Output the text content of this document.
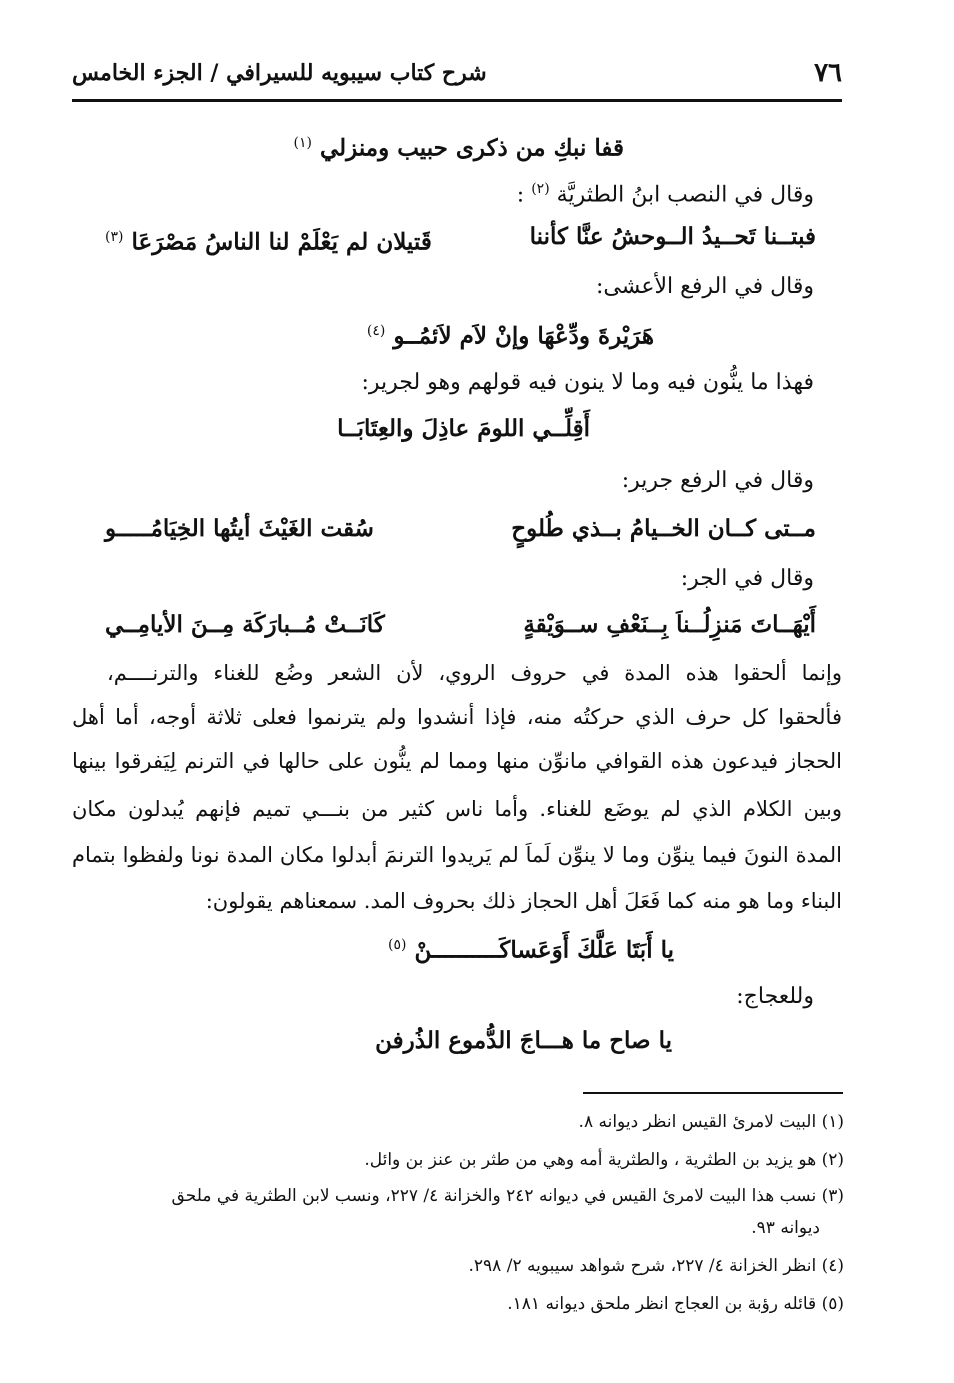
٧٦
شرح كتاب سيبويه للسيرافي / الجزء الخامس
قفا نبكِ من ذكرى حبيب ومنزلي $^{(١)}$
وقال في النصب ابنُ الطثريَّة $^{(٢)}$ :
فبتــنا تَحــيدُ الــوحشُ عنَّا كأننا
قَتيلان لم يَعْلَمْ لنا الناسُ مَصْرَعَا $^{(٣)}$
وقال في الرفع الأعشى:
هَرَيْرةَ ودِّعْهَا وإنْ لاَم لاَئمُــو $^{(٤)}$
فهذا ما ينُّون فيه وما لا ينون فيه قولهم وهو لجرير:
أَقِلِّــي اللومَ عاذِلَ والعِتَابَــا
وقال في الرفع جرير:
مــتى كــان الخــيامُ بــذي طُلوحٍ
سُقت الغَيْثَ أيتُها الخِيَامُـــــو
وقال في الجر:
أَيْهَــاتَ مَنزِلُــناَ بِــنَعْفِ ســوَيْقةٍ
كَانَــتْ مُــبارَكَة مِــنَ الأيامِــي
وإنما ألحقوا هذه المدة في حروف الروي، لأن الشعر وضُع للغناء والترنــــم،
فألحقوا كل حرف الذي حركتُه منه، فإذا أنشدوا ولم يترنموا فعلى ثلاثة أوجه، أما أهل
الحجاز فيدعون هذه القوافي مانوِّن منها ومما لم ينُّون على حالها في الترنم لِيَفرقوا بينها
وبين الكلام الذي لم يوضَع للغناء. وأما ناس كثير من بنـــي تميم فإنهم يُبدلون مكان
المدة النونَ فيما ينوِّن وما لا ينوِّن لَماَ لم يَريدوا الترنمَ أبدلوا مكان المدة نونا ولفظوا بتمام
البناء وما هو منه كما فَعَلَ أهل الحجاز ذلك بحروف المد. سمعناهم يقولون:
يا أَبَتَا عَلَّكَ أَوَعَساكَــــــــــنْ $^{(٥)}$
وللعجاج:
يا صاح ما هـــاجَ الدُّموع الذُرفن
(١) البيت لامرئ القيس انظر ديوانه ٨.
(٢) هو يزيد بن الطثرية ، والطثرية أمه وهي من طثر بن عنز بن وائل.
(٣) نسب هذا البيت لامرئ القيس في ديوانه ٢٤٢ والخزانة ٤/ ٢٢٧، ونسب لابن الطثرية في ملحق
ديوانه ٩٣.
(٤) انظر الخزانة ٤/ ٢٢٧، شرح شواهد سيبويه ٢/ ٢٩٨.
(٥) قائله رؤبة بن العجاج انظر ملحق ديوانه ١٨١.
